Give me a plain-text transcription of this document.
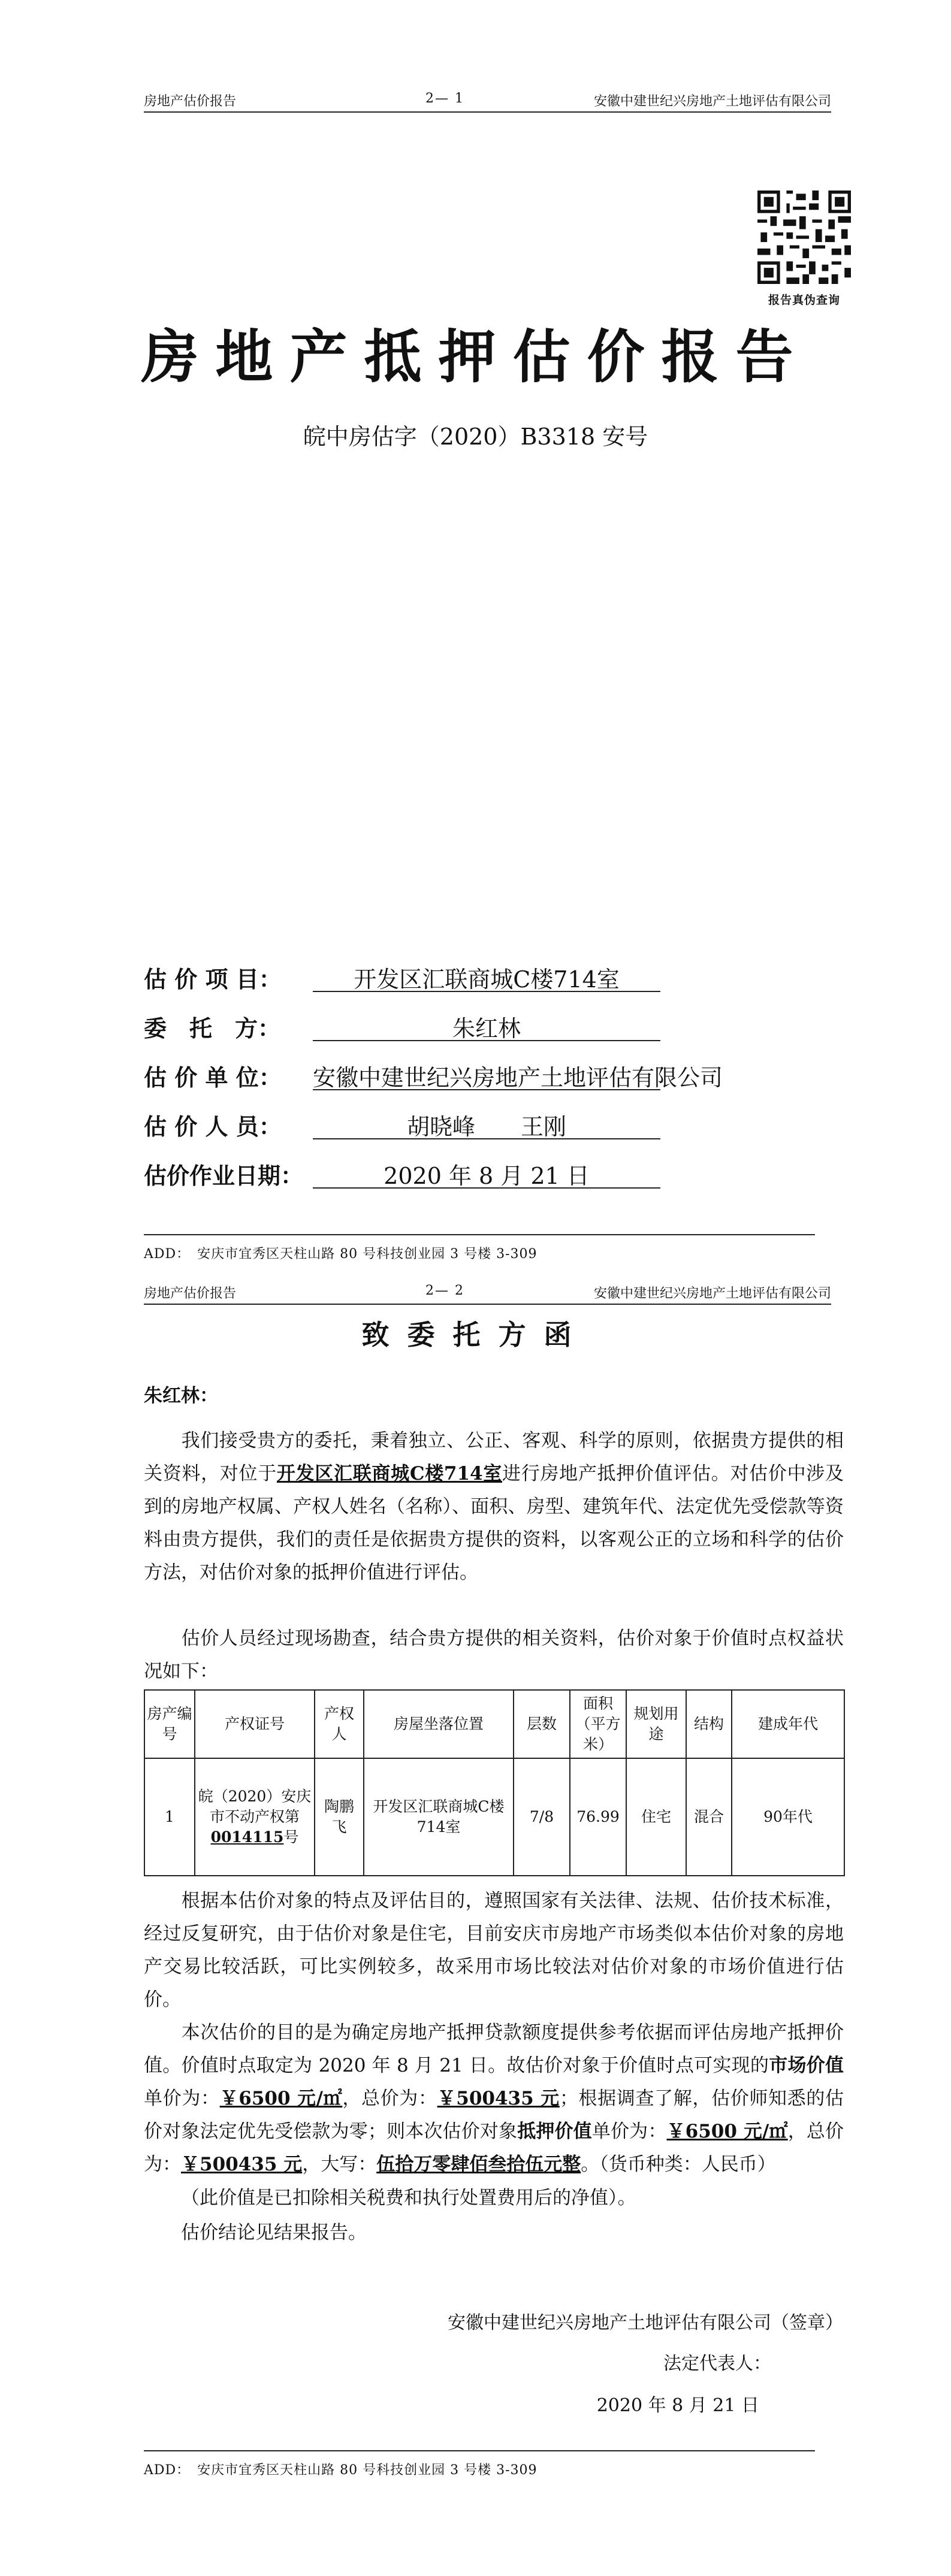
房地产估价报告	2— 1	安徽中建世纪兴房地产土地评估有限公司
报告真伪查询
房地产抵押估价报告
皖中房估字（2020）B3318 安号
估 价 项 目：	开发区汇联商城C楼714室
委　托　方：	朱红林
估 价 单 位：	安徽中建世纪兴房地产土地评估有限公司
估 价 人 员：	胡晓峰　　王刚
估价作业日期：	2020 年 8 月 21 日
ADD：　安庆市宜秀区天柱山路 80 号科技创业园 3 号楼 3-309
房地产估价报告	2— 2	安徽中建世纪兴房地产土地评估有限公司
致委托方函
朱红林：
我们接受贵方的委托，秉着独立、公正、客观、科学的原则，依据贵方提供的相关资料，对位于开发区汇联商城C楼714室进行房地产抵押价值评估。对估价中涉及到的房地产权属、产权人姓名（名称）、面积、房型、建筑年代、法定优先受偿款等资料由贵方提供，我们的责任是依据贵方提供的资料，以客观公正的立场和科学的估价方法，对估价对象的抵押价值进行评估。
估价人员经过现场勘查，结合贵方提供的相关资料，估价对象于价值时点权益状况如下：
房产编号	产权证号	产权人	房屋坐落位置	层数	面积（平方米）	规划用途	结构	建成年代
1	皖（2020）安庆市不动产权第0014115号	陶鹏飞	开发区汇联商城C楼714室	7/8	76.99	住宅	混合	90年代
根据本估价对象的特点及评估目的，遵照国家有关法律、法规、估价技术标准，经过反复研究，由于估价对象是住宅，目前安庆市房地产市场类似本估价对象的房地产交易比较活跃，可比实例较多，故采用市场比较法对估价对象的市场价值进行估价。
本次估价的目的是为确定房地产抵押贷款额度提供参考依据而评估房地产抵押价值。价值时点取定为 2020 年 8 月 21 日。故估价对象于价值时点可实现的市场价值单价为：￥6500 元/㎡，总价为：￥500435 元；根据调查了解，估价师知悉的估价对象法定优先受偿款为零；则本次估价对象抵押价值单价为：￥6500 元/㎡，总价为：￥500435 元，大写：伍拾万零肆佰叁拾伍元整。（货币种类：人民币）
（此价值是已扣除相关税费和执行处置费用后的净值）。
估价结论见结果报告。
安徽中建世纪兴房地产土地评估有限公司（签章）
法定代表人：
2020 年 8 月 21 日
ADD：　安庆市宜秀区天柱山路 80 号科技创业园 3 号楼 3-309
